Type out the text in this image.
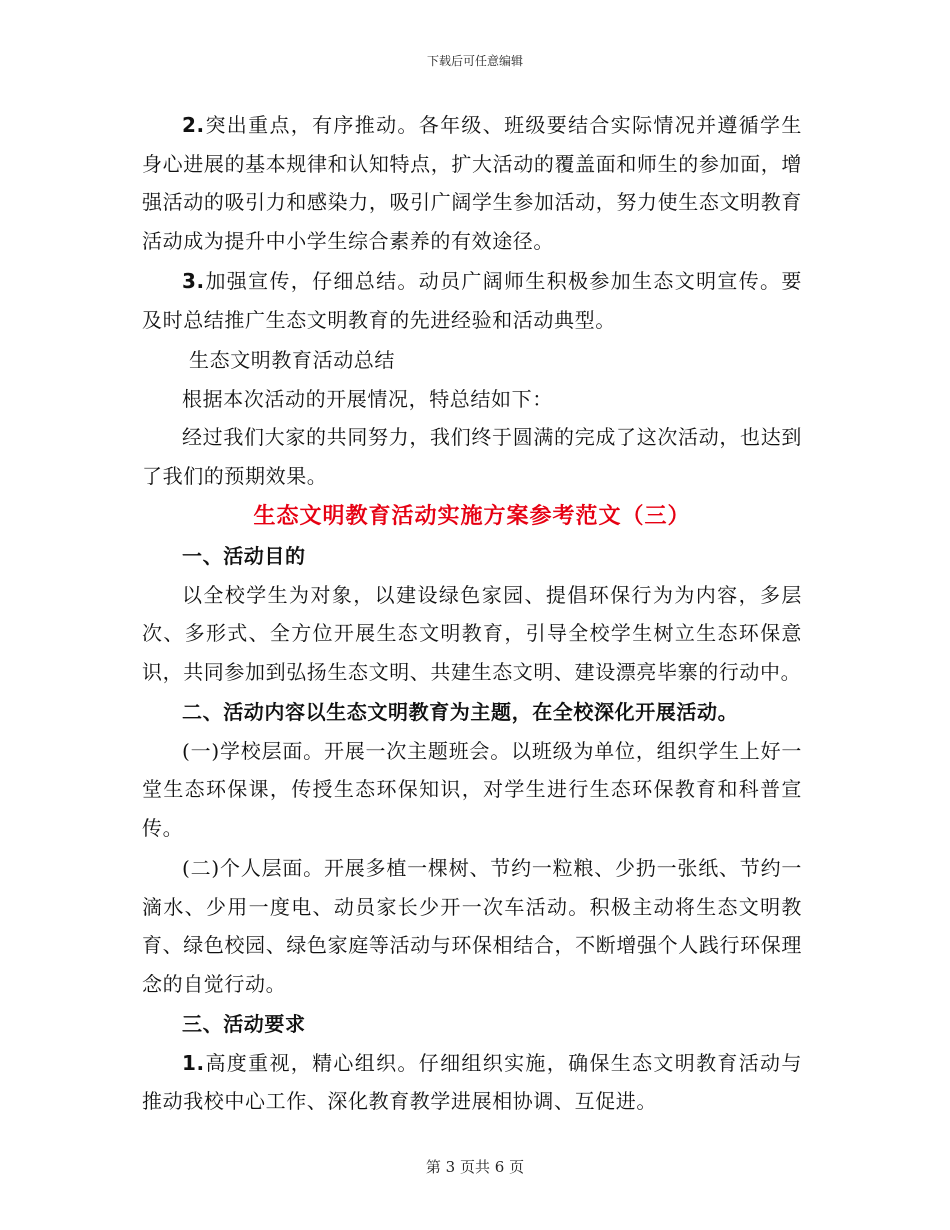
下载后可任意编辑

2.突出重点，有序推动。各年级、班级要结合实际情况并遵循学生身心进展的基本规律和认知特点，扩大活动的覆盖面和师生的参加面，增强活动的吸引力和感染力，吸引广阔学生参加活动，努力使生态文明教育活动成为提升中小学生综合素养的有效途径。

3.加强宣传，仔细总结。动员广阔师生积极参加生态文明宣传。要及时总结推广生态文明教育的先进经验和活动典型。

生态文明教育活动总结

根据本次活动的开展情况，特总结如下：

经过我们大家的共同努力，我们终于圆满的完成了这次活动，也达到了我们的预期效果。

生态文明教育活动实施方案参考范文（三）
一、活动目的

以全校学生为对象，以建设绿色家园、提倡环保行为为内容，多层次、多形式、全方位开展生态文明教育，引导全校学生树立生态环保意识，共同参加到弘扬生态文明、共建生态文明、建设漂亮毕寨的行动中。

二、活动内容以生态文明教育为主题，在全校深化开展活动。

(一)学校层面。开展一次主题班会。以班级为单位，组织学生上好一堂生态环保课，传授生态环保知识，对学生进行生态环保教育和科普宣传。

(二)个人层面。开展多植一棵树、节约一粒粮、少扔一张纸、节约一滴水、少用一度电、动员家长少开一次车活动。积极主动将生态文明教育、绿色校园、绿色家庭等活动与环保相结合，不断增强个人践行环保理念的自觉行动。

三、活动要求

1.高度重视，精心组织。仔细组织实施，确保生态文明教育活动与推动我校中心工作、深化教育教学进展相协调、互促进。

第 3 页共 6 页
